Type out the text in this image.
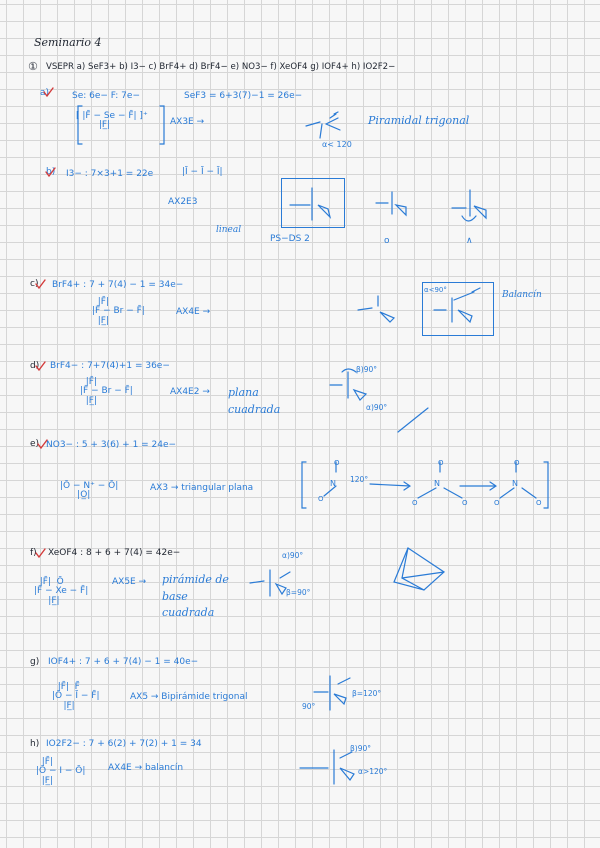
Seminario 4
① VSEPR a) SeF3+ b) I3− c) BrF4+ d) BrF4− e) NO3− f) XeOF4 g) IOF4+ h) IO2F2−
a)	Se: 6e− F: 7e−	SeF3 = 6+3(7)−1 = 26e−
[ |F̄ − Se − F̄| ]⁺
|F̲|	AX3E →	Piramidal trigonal
α< 120
b) I3− : 7×3+1 = 22e	|Ī − Ī − Ī|
AX2E3
lineal
PS−DS 2	o	∧
c) BrF4+ : 7 + 7(4) − 1 = 34e−
|F̄|
|F̄ − Br − F̄|
|F̲|
AX4E →
α<90°	Balancín
d) BrF4− : 7+7(4)+1 = 36e−
|F̄|
|F̄ − Br − F̄|
|F̲|
AX4E2 → plana cuadrada
β)90°
α)90°
e) NO3− : 5 + 3(6) + 1 = 24e−
|Ō − N⁺ − Ō|
|O̲|
AX3 → triangular plana
120°
N	N	N
O
O
O
O	O
O
O	O
f) XeOF4 : 8 + 6 + 7(4) = 42e−
|F̄|  Ō
|F̄ − Xe − F̄|
|F̲|
AX5E → pirámide de base cuadrada
α)90°
β=90°
g) IOF4+ : 7 + 6 + 7(4) − 1 = 40e−
|F̄|  F̄
|Ō − Ī − F̄|
|F̲|
AX5 → Bipirámide trigonal	β=120°
90°
h) IO2F2− : 7 + 6(2) + 7(2) + 1 = 34
|F̄|
|Ō − I − Ō|
|F̲|
AX4E → balancín
β)90°
α>120°
